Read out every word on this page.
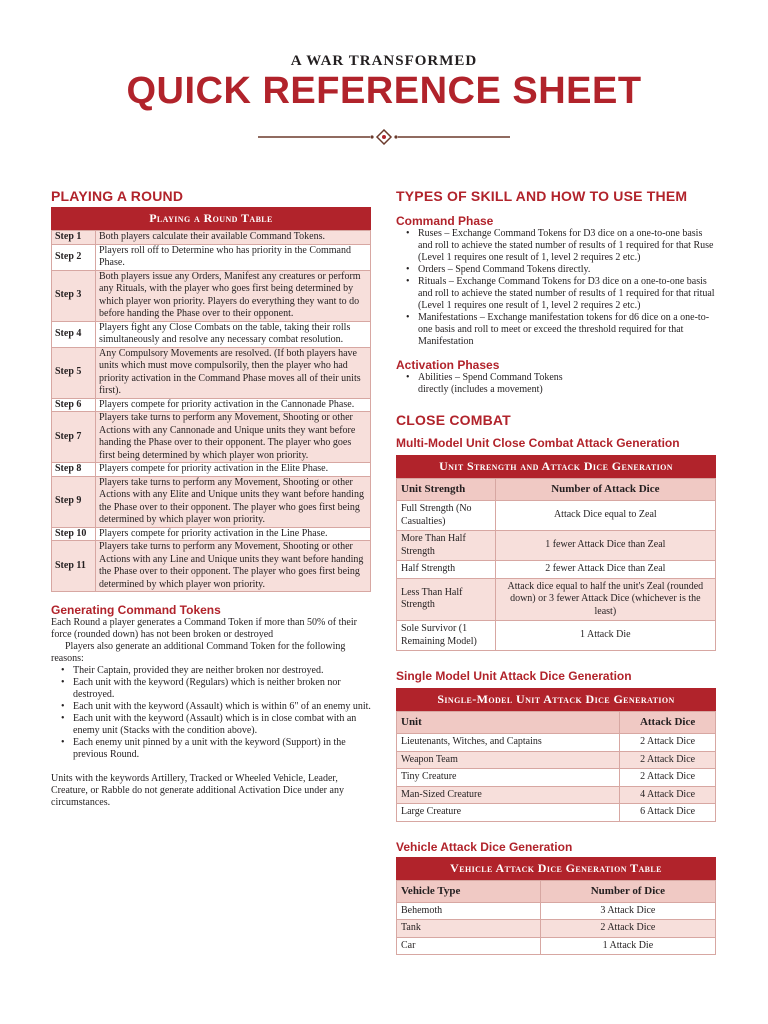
A WAR TRANSFORMED
QUICK REFERENCE SHEET
PLAYING A ROUND
Playing a Round Table
Step 1	Both players calculate their available Command Tokens.
Step 2	Players roll off to Determine who has priority in the Command Phase.
Step 3	Both players issue any Orders, Manifest any creatures or perform any Rituals, with the player who goes first being determined by which player won priority. Players do everything they want to do before handing the Phase over to their opponent.
Step 4	Players fight any Close Combats on the table, taking their rolls simultaneously and resolve any necessary combat resolution.
Step 5	Any Compulsory Movements are resolved. (If both players have units which must move compulsorily, then the player who had priority activation in the Command Phase moves all of their units first).
Step 6	Players compete for priority activation in the Cannonade Phase.
Step 7	Players take turns to perform any Movement, Shooting or other Actions with any Cannonade and Unique units they want before handing the Phase over to their opponent. The player who goes first being determined by which player won priority.
Step 8	Players compete for priority activation in the Elite Phase.
Step 9	Players take turns to perform any Movement, Shooting or other Actions with any Elite and Unique units they want before handing the Phase over to their opponent. The player who goes first being determined by which player won priority.
Step 10	Players compete for priority activation in the Line Phase.
Step 11	Players take turns to perform any Movement, Shooting or other Actions with any Line and Unique units they want before handing the Phase over to their opponent. The player who goes first being determined by which player won priority.
Generating Command Tokens
Each Round a player generates a Command Token if more than 50% of their force (rounded down) has not been broken or destroyed
Players also generate an additional Command Token for the following reasons:
• Their Captain, provided they are neither broken nor destroyed.
• Each unit with the keyword (Regulars) which is neither broken nor destroyed.
• Each unit with the keyword (Assault) which is within 6" of an enemy unit.
• Each unit with the keyword (Assault) which is in close combat with an enemy unit (Stacks with the condition above).
• Each enemy unit pinned by a unit with the keyword (Support) in the previous Round.
Units with the keywords Artillery, Tracked or Wheeled Vehicle, Leader, Creature, or Rabble do not generate additional Activation Dice under any circumstances.
TYPES OF SKILL AND HOW TO USE THEM
Command Phase
• Ruses – Exchange Command Tokens for D3 dice on a one-to-one basis and roll to achieve the stated number of results of 1 required for that Ruse (Level 1 requires one result of 1, level 2 requires 2 etc.)
• Orders – Spend Command Tokens directly.
• Rituals – Exchange Command Tokens for D3 dice on a one-to-one basis and roll to achieve the stated number of results of 1 required for that ritual (Level 1 requires one result of 1, level 2 requires 2 etc.)
• Manifestations – Exchange manifestation tokens for d6 dice on a one-to-one basis and roll to meet or exceed the threshold required for that Manifestation
Activation Phases
• Abilities – Spend Command Tokens directly (includes a movement)
CLOSE COMBAT
Multi-Model Unit Close Combat Attack Generation
Unit Strength and Attack Dice Generation
Unit Strength	Number of Attack Dice
Full Strength (No Casualties)	Attack Dice equal to Zeal
More Than Half Strength	1 fewer Attack Dice than Zeal
Half Strength	2 fewer Attack Dice than Zeal
Less Than Half Strength	Attack dice equal to half the unit's Zeal (rounded down) or 3 fewer Attack Dice (whichever is the least)
Sole Survivor (1 Remaining Model)	1 Attack Die
Single Model Unit Attack Dice Generation
Single-Model Unit Attack Dice Generation
Unit	Attack Dice
Lieutenants, Witches, and Captains	2 Attack Dice
Weapon Team	2 Attack Dice
Tiny Creature	2 Attack Dice
Man-Sized Creature	4 Attack Dice
Large Creature	6 Attack Dice
Vehicle Attack Dice Generation
Vehicle Attack Dice Generation Table
Vehicle Type	Number of Dice
Behemoth	3 Attack Dice
Tank	2 Attack Dice
Car	1 Attack Die
